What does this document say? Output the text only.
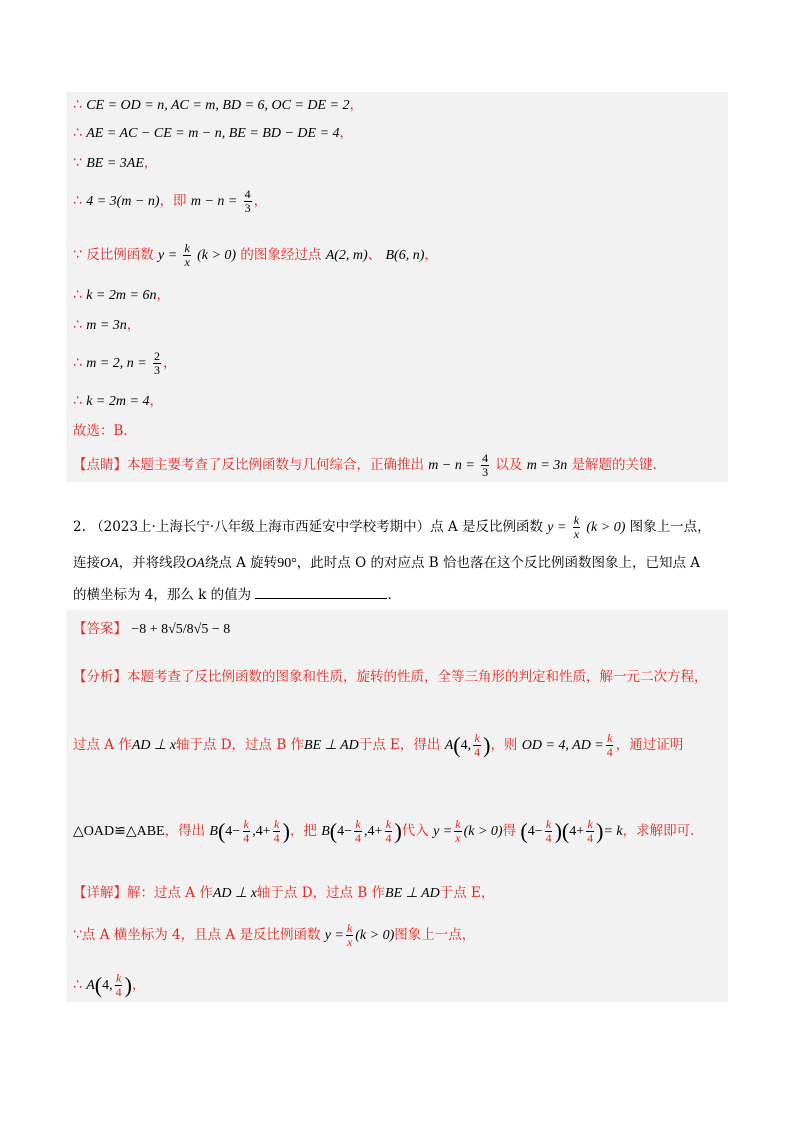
∴ CE = OD = n, AC = m, BD = 6, OC = DE = 2，
∴ AE = AC − CE = m − n, BE = BD − DE = 4，
∵ BE = 3AE，
∴ 4 = 3(m − n)，即 $m - n = \frac{4}{3}$ ，
∵ 反比例函数 $y = \frac{k}{x} (k > 0)$ 的图象经过点 A(2, m)、 B(6, n)，
∴ k = 2m = 6n，
∴ m = 3n，
∴ m = 2, $n = \frac{2}{3}$ ，
∴ k = 2m = 4，
故选：B．
【点睛】本题主要考查了反比例函数与几何综合，正确推出 $m - n = \frac{4}{3}$ 以及 m = 3n 是解题的关键.
2. （2023上·上海长宁·八年级上海市西延安中学校考期中）点 A 是反比例函数 $y = \frac{k}{x} (k > 0)$ 图象上一点，
连接OA，并将线段OA绕点 A 旋转90°，此时点 O 的对应点 B 恰也落在这个反比例函数图象上，已知点 A
的横坐标为 4，那么 k 的值为	．
【答案】 −8 + 8√5/8√5 − 8
【分析】本题考查了反比例函数的图象和性质，旋转的性质，全等三角形的判定和性质，解一元二次方程，
过点 A 作AD ⊥ x轴于点 D，过点 B 作BE ⊥ AD于点 E，得出 A(4, $\frac{k}{4}$ )，则 OD = 4, AD = $\frac{k}{4}$ ，通过证明
△OAD≌△ABE，得出 $B(4- \frac{k}{4} ,4+ \frac{k}{4}$ )，把 $B(4- \frac{k}{4} ,4+ \frac{k}{4}$ )代入 $y = \frac{k}{x} (k > 0)$得 $(4- \frac{k}{4} )(4+ \frac{k}{4}$ )= k，求解即可.
【详解】解：过点 A 作AD ⊥ x轴于点 D，过点 B 作BE ⊥ AD于点 E，
∵点 A 横坐标为 4，且点 A 是反比例函数 $y = \frac{k}{x} (k > 0)$图象上一点，
∴ A(4, $\frac{k}{4}$ )，
